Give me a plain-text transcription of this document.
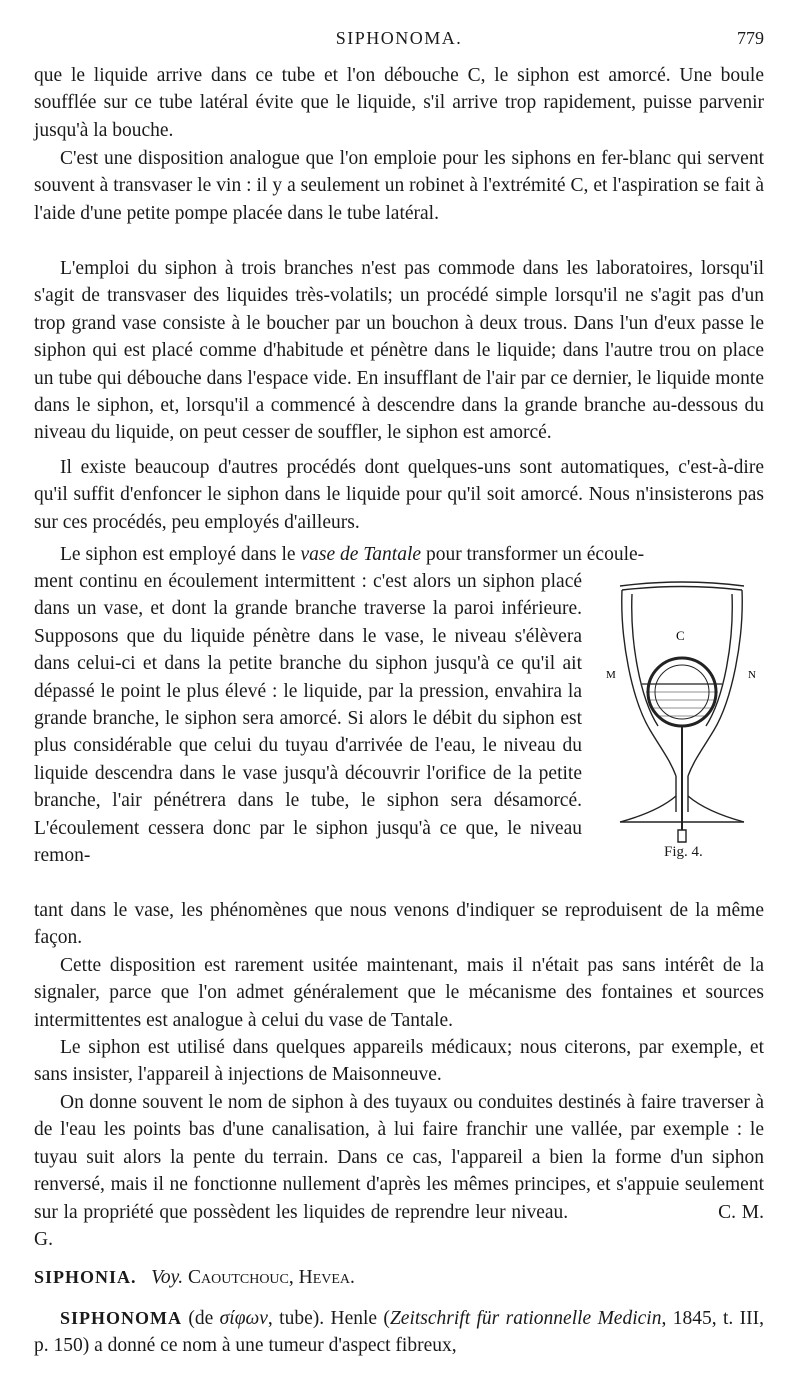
SIPHONOMA.	779

que le liquide arrive dans ce tube et l'on débouche C, le siphon est amorcé. Une boule soufflée sur ce tube latéral évite que le liquide, s'il arrive trop rapidement, puisse parvenir jusqu'à la bouche.

C'est une disposition analogue que l'on emploie pour les siphons en fer-blanc qui servent souvent à transvaser le vin : il y a seulement un robinet à l'extrémité C, et l'aspiration se fait à l'aide d'une petite pompe placée dans le tube latéral.

L'emploi du siphon à trois branches n'est pas commode dans les laboratoires, lorsqu'il s'agit de transvaser des liquides très-volatils; un procédé simple lorsqu'il ne s'agit pas d'un trop grand vase consiste à le boucher par un bouchon à deux trous. Dans l'un d'eux passe le siphon qui est placé comme d'habitude et pénètre dans le liquide; dans l'autre trou on place un tube qui débouche dans l'espace vide. En insufflant de l'air par ce dernier, le liquide monte dans le siphon, et, lorsqu'il a commencé à descendre dans la grande branche au-dessous du niveau du liquide, on peut cesser de souffler, le siphon est amorcé.

Il existe beaucoup d'autres procédés dont quelques-uns sont automatiques, c'est-à-dire qu'il suffit d'enfoncer le siphon dans le liquide pour qu'il soit amorcé. Nous n'insisterons pas sur ces procédés, peu employés d'ailleurs.

Le siphon est employé dans le vase de Tantale pour transformer un écoule-

ment continu en écoulement intermittent : c'est alors un siphon placé dans un vase, et dont la grande branche traverse la paroi inférieure. Supposons que du liquide pénètre dans le vase, le niveau s'élèvera dans celui-ci et dans la petite branche du siphon jusqu'à ce qu'il ait dépassé le point le plus élevé : le liquide, par la pression, envahira la grande branche, le siphon sera amorcé. Si alors le débit du siphon est plus considérable que celui du tuyau d'arrivée de l'eau, le niveau du liquide descendra dans le vase jusqu'à découvrir l'orifice de la petite branche, l'air pénétrera dans le tube, le siphon sera désamorcé. L'écoulement cessera donc par le siphon jusqu'à ce que, le niveau remon-

tant dans le vase, les phénomènes que nous venons d'indiquer se reproduisent de la même façon.

Cette disposition est rarement usitée maintenant, mais il n'était pas sans intérêt de la signaler, parce que l'on admet généralement que le mécanisme des fontaines et sources intermittentes est analogue à celui du vase de Tantale.

Le siphon est utilisé dans quelques appareils médicaux; nous citerons, par exemple, et sans insister, l'appareil à injections de Maisonneuve.

On donne souvent le nom de siphon à des tuyaux ou conduites destinés à faire traverser à de l'eau les points bas d'une canalisation, à lui faire franchir une vallée, par exemple : le tuyau suit alors la pente du terrain. Dans ce cas, l'appareil a bien la forme d'un siphon renversé, mais il ne fonctionne nullement d'après les mêmes principes, et s'appuie seulement sur la propriété que possèdent les liquides de reprendre leur niveau.	C. M. G.

C
M	N
Fig. 4.

SIPHONIA. Voy. Caoutchouc, Hevea.

SIPHONOMA (de σίφων, tube). Henle (Zeitschrift für rationnelle Medicin, 1845, t. III, p. 150) a donné ce nom à une tumeur d'aspect fibreux,
